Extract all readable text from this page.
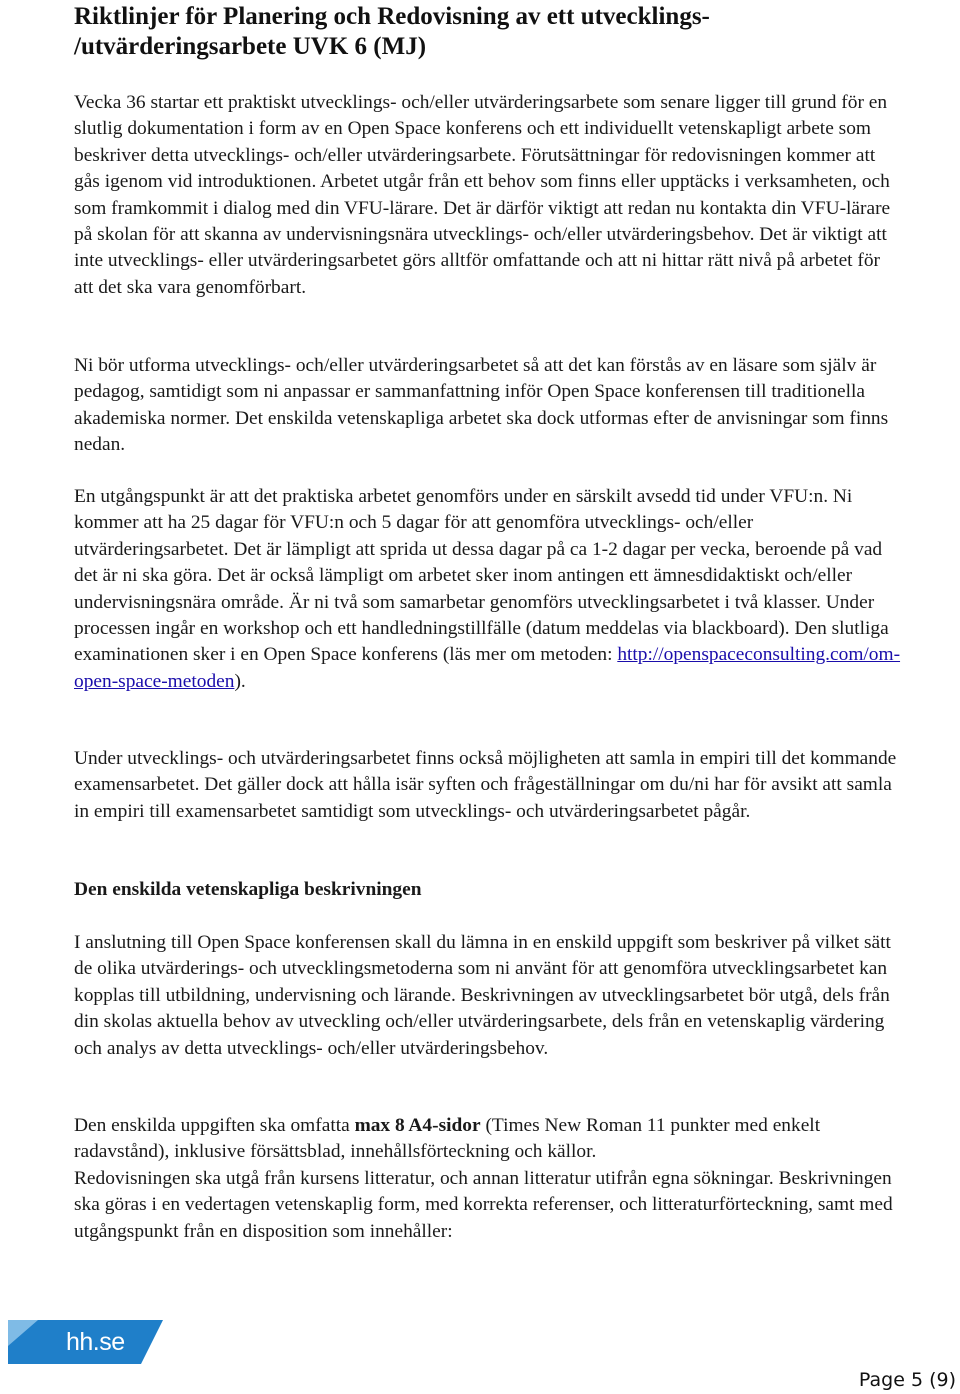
Riktlinjer för Planering och Redovisning av ett utvecklings-
/utvärderingsarbete UVK 6 (MJ)

Vecka 36 startar ett praktiskt utvecklings- och/eller utvärderingsarbete som senare ligger till grund för en slutlig dokumentation i form av en Open Space konferens och ett individuellt vetenskapligt arbete som beskriver detta utvecklings- och/eller utvärderingsarbete. Förutsättningar för redovisningen kommer att gås igenom vid introduktionen. Arbetet utgår från ett behov som finns eller upptäcks i verksamheten, och som framkommit i dialog med din VFU-lärare. Det är därför viktigt att redan nu kontakta din VFU-lärare på skolan för att skanna av undervisningsnära utvecklings- och/eller utvärderingsbehov. Det är viktigt att inte utvecklings- eller utvärderingsarbetet görs alltför omfattande och att ni hittar rätt nivå på arbetet för att det ska vara genomförbart.

Ni bör utforma utvecklings- och/eller utvärderingsarbetet så att det kan förstås av en läsare som själv är pedagog, samtidigt som ni anpassar er sammanfattning inför Open Space konferensen till traditionella akademiska normer. Det enskilda vetenskapliga arbetet ska dock utformas efter de anvisningar som finns nedan.

En utgångspunkt är att det praktiska arbetet genomförs under en särskilt avsedd tid under VFU:n. Ni kommer att ha 25 dagar för VFU:n och 5 dagar för att genomföra utvecklings- och/eller utvärderingsarbetet. Det är lämpligt att sprida ut dessa dagar på ca 1-2 dagar per vecka, beroende på vad det är ni ska göra. Det är också lämpligt om arbetet sker inom antingen ett ämnesdidaktiskt och/eller undervisningsnära område. Är ni två som samarbetar genomförs utvecklingsarbetet i två klasser. Under processen ingår en workshop och ett handledningstillfälle (datum meddelas via blackboard). Den slutliga examinationen sker i en Open Space konferens (läs mer om metoden: http://openspaceconsulting.com/om-open-space-metoden).

Under utvecklings- och utvärderingsarbetet finns också möjligheten att samla in empiri till det kommande examensarbetet. Det gäller dock att hålla isär syften och frågeställningar om du/ni har för avsikt att samla in empiri till examensarbetet samtidigt som utvecklings- och utvärderingsarbetet pågår.

Den enskilda vetenskapliga beskrivningen

I anslutning till Open Space konferensen skall du lämna in en enskild uppgift som beskriver på vilket sätt de olika utvärderings- och utvecklingsmetoderna som ni använt för att genomföra utvecklingsarbetet kan kopplas till utbildning, undervisning och lärande. Beskrivningen av utvecklingsarbetet bör utgå, dels från din skolas aktuella behov av utveckling och/eller utvärderingsarbete, dels från en vetenskaplig värdering och analys av detta utvecklings- och/eller utvärderingsbehov.

Den enskilda uppgiften ska omfatta max 8 A4-sidor (Times New Roman 11 punkter med enkelt radavstånd), inklusive försättsblad, innehållsförteckning och källor.
Redovisningen ska utgå från kursens litteratur, och annan litteratur utifrån egna sökningar. Beskrivningen ska göras i en vedertagen vetenskaplig form, med korrekta referenser, och litteraturförteckning, samt med utgångspunkt från en disposition som innehåller:

hh.se
Page 5 (9)
